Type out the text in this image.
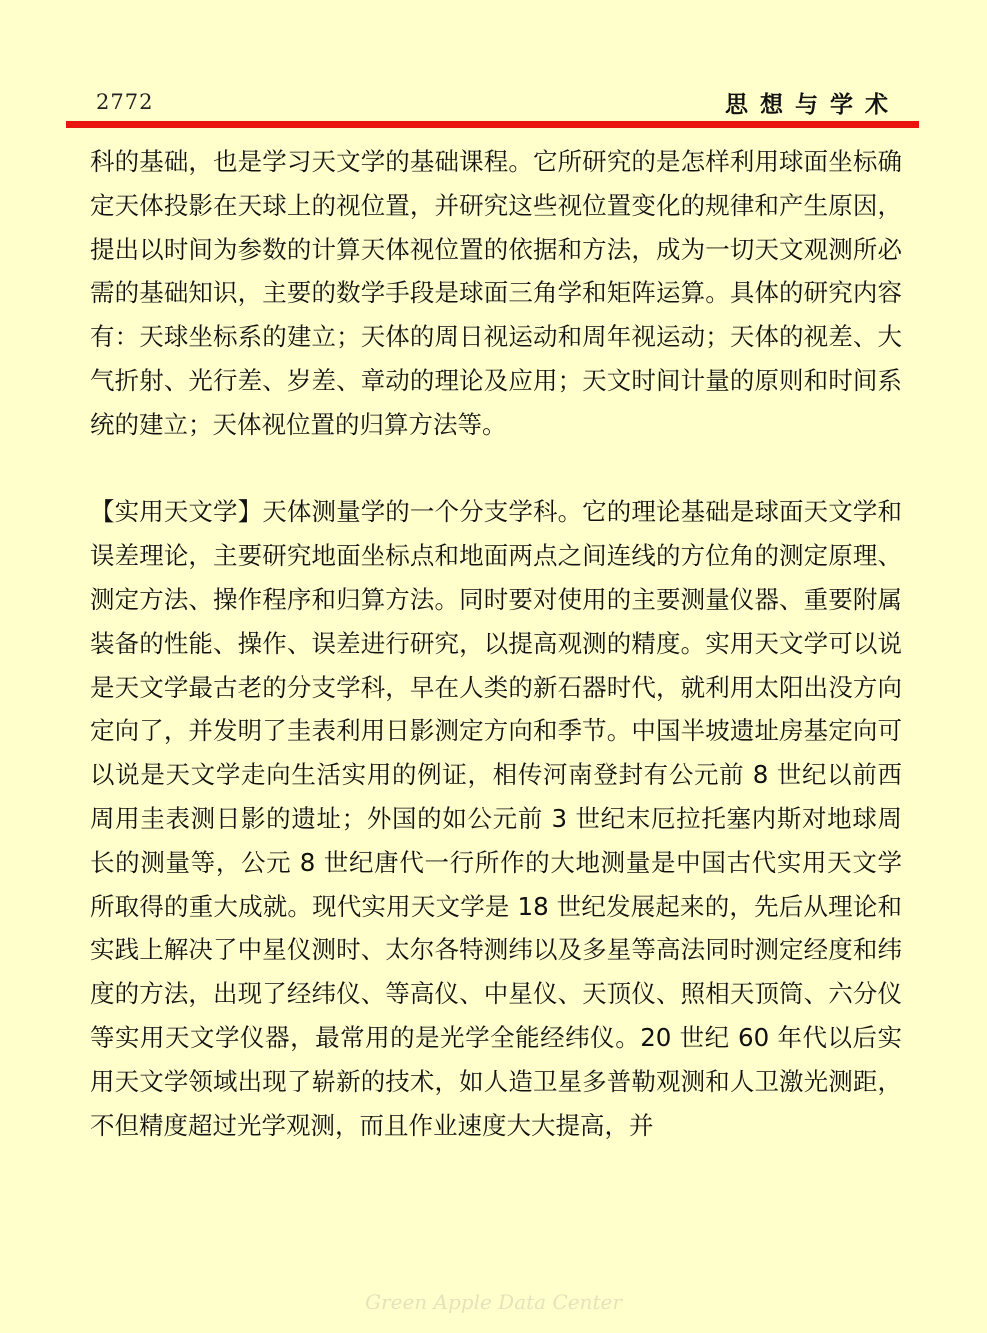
2772	思想与学术

科的基础，也是学习天文学的基础课程。它所研究的是怎样利用球面坐标确定天体投影在天球上的视位置，并研究这些视位置变化的规律和产生原因，提出以时间为参数的计算天体视位置的依据和方法，成为一切天文观测所必需的基础知识，主要的数学手段是球面三角学和矩阵运算。具体的研究内容有：天球坐标系的建立；天体的周日视运动和周年视运动；天体的视差、大气折射、光行差、岁差、章动的理论及应用；天文时间计量的原则和时间系统的建立；天体视位置的归算方法等。

【实用天文学】天体测量学的一个分支学科。它的理论基础是球面天文学和误差理论，主要研究地面坐标点和地面两点之间连线的方位角的测定原理、测定方法、操作程序和归算方法。同时要对使用的主要测量仪器、重要附属装备的性能、操作、误差进行研究，以提高观测的精度。实用天文学可以说是天文学最古老的分支学科，早在人类的新石器时代，就利用太阳出没方向定向了，并发明了圭表利用日影测定方向和季节。中国半坡遗址房基定向可以说是天文学走向生活实用的例证，相传河南登封有公元前 8 世纪以前西周用圭表测日影的遗址；外国的如公元前 3 世纪末厄拉托塞内斯对地球周长的测量等，公元 8 世纪唐代一行所作的大地测量是中国古代实用天文学所取得的重大成就。现代实用天文学是 18 世纪发展起来的，先后从理论和实践上解决了中星仪测时、太尔各特测纬以及多星等高法同时测定经度和纬度的方法，出现了经纬仪、等高仪、中星仪、天顶仪、照相天顶筒、六分仪等实用天文学仪器，最常用的是光学全能经纬仪。20 世纪 60 年代以后实用天文学领域出现了崭新的技术，如人造卫星多普勒观测和人卫激光测距，不但精度超过光学观测，而且作业速度大大提高，并

Green Apple Data Center
